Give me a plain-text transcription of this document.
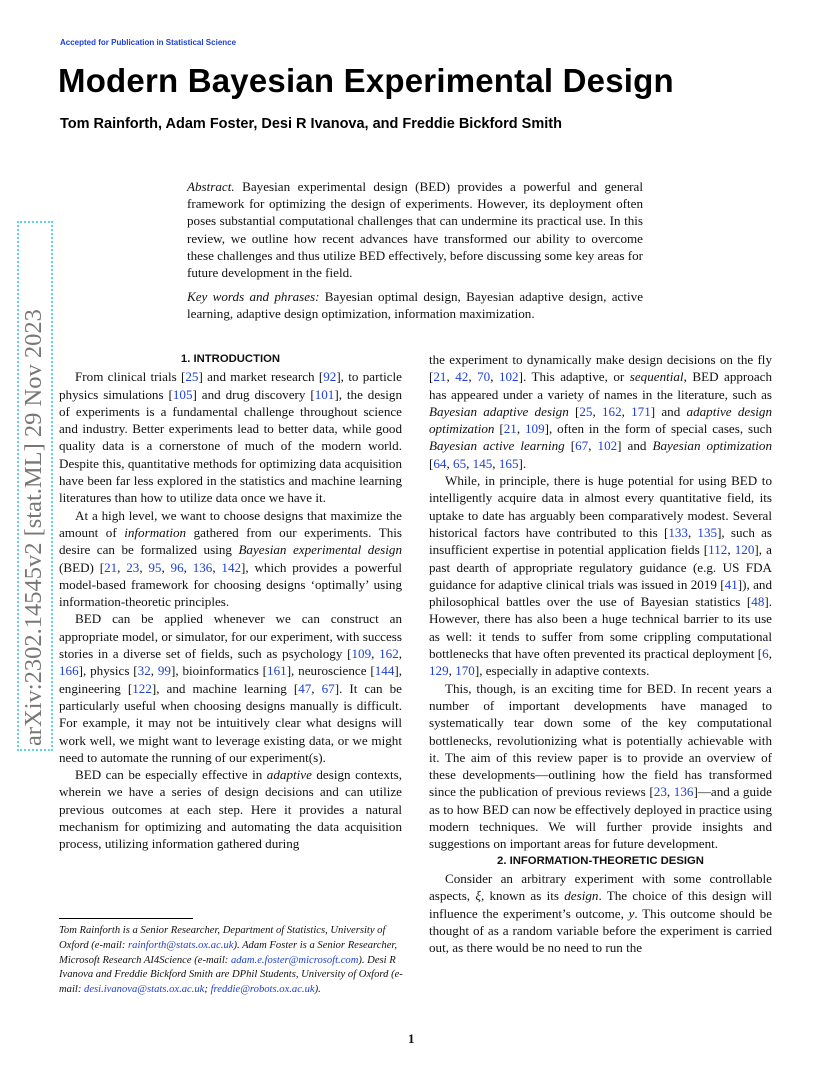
Accepted for Publication in Statistical Science
Modern Bayesian Experimental Design
Tom Rainforth, Adam Foster, Desi R Ivanova, and Freddie Bickford Smith
arXiv:2302.14545v2 [stat.ML] 29 Nov 2023

Abstract. Bayesian experimental design (BED) provides a powerful and general framework for optimizing the design of experiments. However, its deployment often poses substantial computational challenges that can undermine its practical use. In this review, we outline how recent advances have transformed our ability to overcome these challenges and thus utilize BED effectively, before discussing some key areas for future development in the field.

Key words and phrases: Bayesian optimal design, Bayesian adaptive design, active learning, adaptive design optimization, information maximization.

1. INTRODUCTION

From clinical trials [25] and market research [92], to particle physics simulations [105] and drug discovery [101], the design of experiments is a fundamental challenge throughout science and industry. Better experiments lead to better data, while good quality data is a cornerstone of much of the modern world. Despite this, quantitative methods for optimizing data acquisition have been far less explored in the statistics and machine learning literatures than how to utilize data once we have it.

At a high level, we want to choose designs that maximize the amount of information gathered from our experiments. This desire can be formalized using Bayesian experimental design (BED) [21, 23, 95, 96, 136, 142], which provides a powerful model-based framework for choosing designs ‘optimally’ using information-theoretic principles.

BED can be applied whenever we can construct an appropriate model, or simulator, for our experiment, with success stories in a diverse set of fields, such as psychology [109, 162, 166], physics [32, 99], bioinformatics [161], neuroscience [144], engineering [122], and machine learning [47, 67]. It can be particularly useful when choosing designs manually is difficult. For example, it may not be intuitively clear what designs will work well, we might want to leverage existing data, or we might need to automate the running of our experiment(s).

BED can be especially effective in adaptive design contexts, wherein we have a series of design decisions and can utilize previous outcomes at each step. Here it provides a natural mechanism for optimizing and automating the data acquisition process, utilizing information gathered during

the experiment to dynamically make design decisions on the fly [21, 42, 70, 102]. This adaptive, or sequential, BED approach has appeared under a variety of names in the literature, such as Bayesian adaptive design [25, 162, 171] and adaptive design optimization [21, 109], often in the form of special cases, such Bayesian active learning [67, 102] and Bayesian optimization [64, 65, 145, 165].

While, in principle, there is huge potential for using BED to intelligently acquire data in almost every quantitative field, its uptake to date has arguably been comparatively modest. Several historical factors have contributed to this [133, 135], such as insufficient expertise in potential application fields [112, 120], a past dearth of appropriate regulatory guidance (e.g. US FDA guidance for adaptive clinical trials was issued in 2019 [41]), and philosophical battles over the use of Bayesian statistics [48]. However, there has also been a huge technical barrier to its use as well: it tends to suffer from some crippling computational bottlenecks that have often prevented its practical deployment [6, 129, 170], especially in adaptive contexts.

This, though, is an exciting time for BED. In recent years a number of important developments have managed to systematically tear down some of the key computational bottlenecks, revolutionizing what is potentially achievable with it. The aim of this review paper is to provide an overview of these developments—outlining how the field has transformed since the publication of previous reviews [23, 136]—and a guide as to how BED can now be effectively deployed in practice using modern techniques. We will further provide insights and suggestions on important areas for future development.

2. INFORMATION-THEORETIC DESIGN

Consider an arbitrary experiment with some controllable aspects, ξ, known as its design. The choice of this design will influence the experiment’s outcome, y. This outcome should be thought of as a random variable before the experiment is carried out, as there would be no need to run the

Tom Rainforth is a Senior Researcher, Department of Statistics, University of Oxford (e-mail: rainforth@stats.ox.ac.uk). Adam Foster is a Senior Researcher, Microsoft Research AI4Science (e-mail: adam.e.foster@microsoft.com). Desi R Ivanova and Freddie Bickford Smith are DPhil Students, University of Oxford (e-mail: desi.ivanova@stats.ox.ac.uk; freddie@robots.ox.ac.uk).
1
